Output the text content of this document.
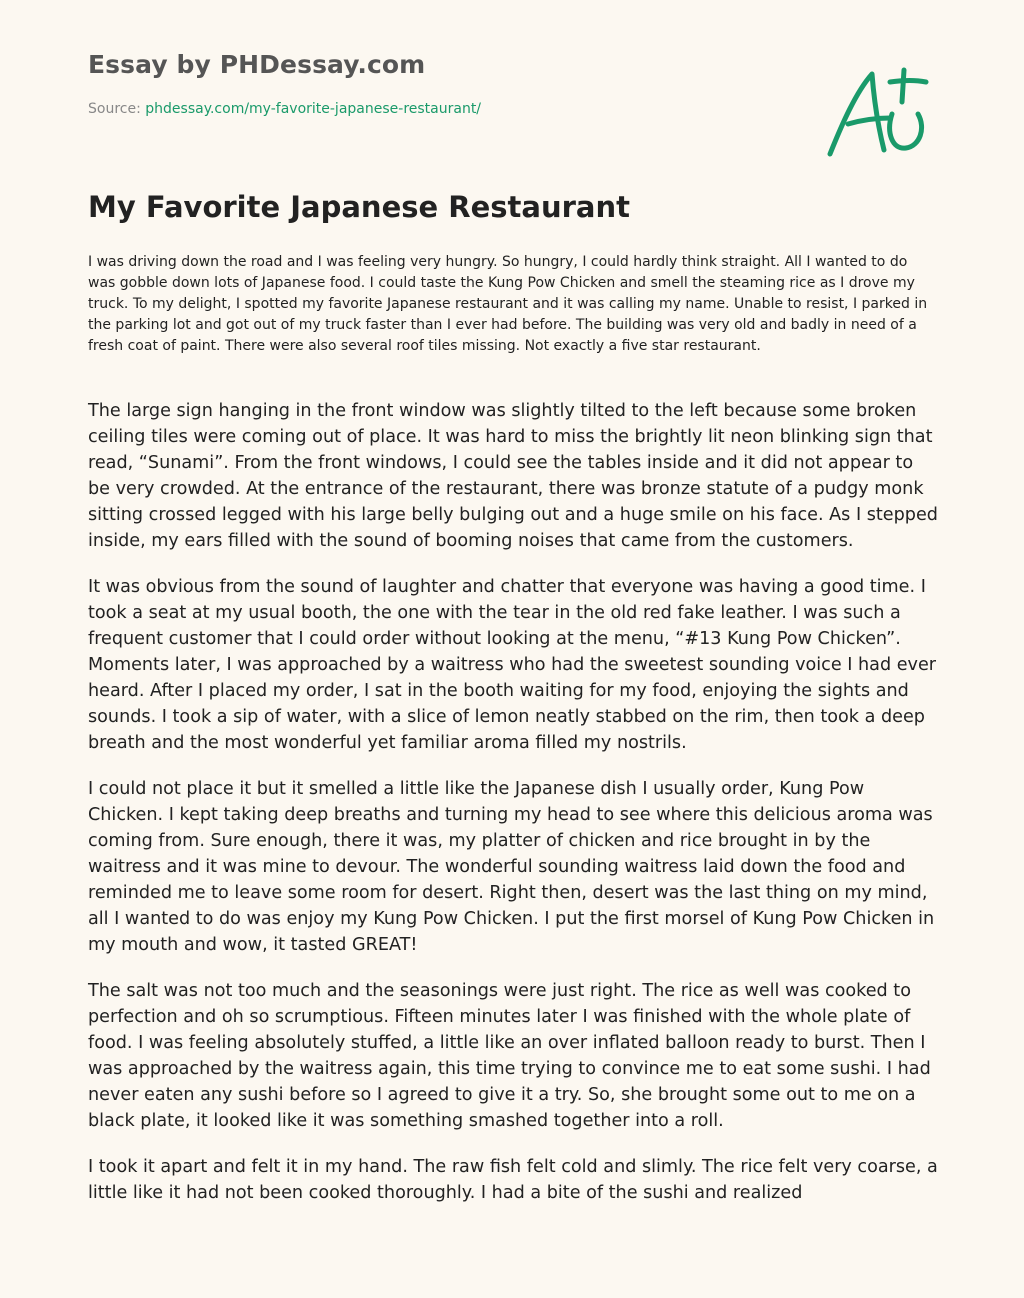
Essay by PHDessay.com
Source: phdessay.com/my-favorite-japanese-restaurant/
My Favorite Japanese Restaurant

I was driving down the road and I was feeling very hungry. So hungry, I could hardly think straight. All I wanted to do was gobble down lots of Japanese food. I could taste the Kung Pow Chicken and smell the steaming rice as I drove my truck. To my delight, I spotted my favorite Japanese restaurant and it was calling my name. Unable to resist, I parked in the parking lot and got out of my truck faster than I ever had before. The building was very old and badly in need of a fresh coat of paint. There were also several roof tiles missing. Not exactly a five star restaurant.

The large sign hanging in the front window was slightly tilted to the left because some broken ceiling tiles were coming out of place. It was hard to miss the brightly lit neon blinking sign that read, “Sunami”. From the front windows, I could see the tables inside and it did not appear to be very crowded. At the entrance of the restaurant, there was bronze statute of a pudgy monk sitting crossed legged with his large belly bulging out and a huge smile on his face. As I stepped inside, my ears filled with the sound of booming noises that came from the customers.

It was obvious from the sound of laughter and chatter that everyone was having a good time. I took a seat at my usual booth, the one with the tear in the old red fake leather. I was such a frequent customer that I could order without looking at the menu, “#13 Kung Pow Chicken”. Moments later, I was approached by a waitress who had the sweetest sounding voice I had ever heard. After I placed my order, I sat in the booth waiting for my food, enjoying the sights and sounds. I took a sip of water, with a slice of lemon neatly stabbed on the rim, then took a deep breath and the most wonderful yet familiar aroma filled my nostrils.

I could not place it but it smelled a little like the Japanese dish I usually order, Kung Pow Chicken. I kept taking deep breaths and turning my head to see where this delicious aroma was coming from. Sure enough, there it was, my platter of chicken and rice brought in by the waitress and it was mine to devour. The wonderful sounding waitress laid down the food and reminded me to leave some room for desert. Right then, desert was the last thing on my mind, all I wanted to do was enjoy my Kung Pow Chicken. I put the first morsel of Kung Pow Chicken in my mouth and wow, it tasted GREAT!

The salt was not too much and the seasonings were just right. The rice as well was cooked to perfection and oh so scrumptious. Fifteen minutes later I was finished with the whole plate of food. I was feeling absolutely stuffed, a little like an over inflated balloon ready to burst. Then I was approached by the waitress again, this time trying to convince me to eat some sushi. I had never eaten any sushi before so I agreed to give it a try. So, she brought some out to me on a black plate, it looked like it was something smashed together into a roll.

I took it apart and felt it in my hand. The raw fish felt cold and slimly. The rice felt very coarse, a little like it had not been cooked thoroughly. I had a bite of the sushi and realized
